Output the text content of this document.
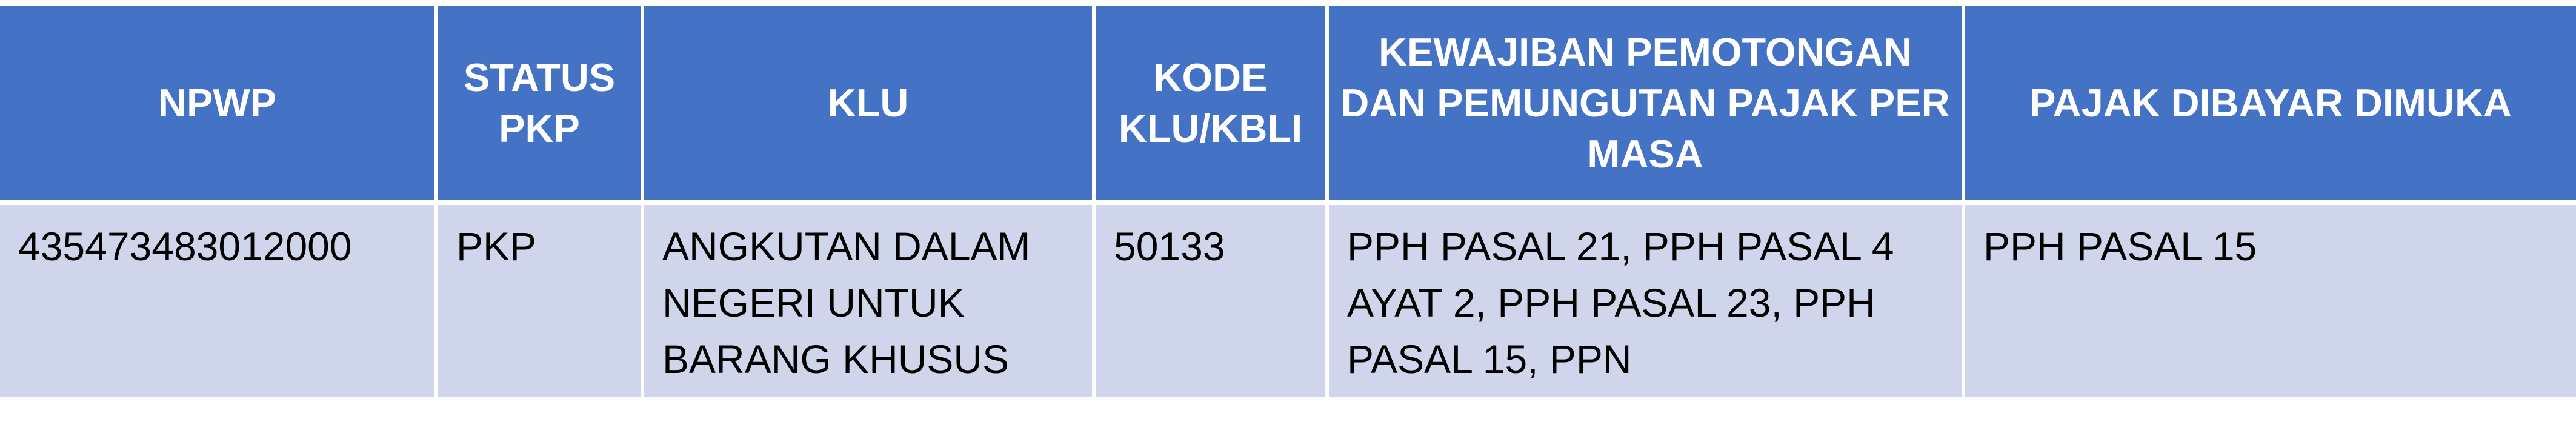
NPWP	STATUS PKP	KLU	KODE KLU/KBLI	KEWAJIBAN PEMOTONGAN DAN PEMUNGUTAN PAJAK PER MASA	PAJAK DIBAYAR DIMUKA
435473483012000	PKP	ANGKUTAN DALAM NEGERI UNTUK BARANG KHUSUS	50133	PPH PASAL 21, PPH PASAL 4 AYAT 2, PPH PASAL 23, PPH PASAL 15, PPN	PPH PASAL 15
